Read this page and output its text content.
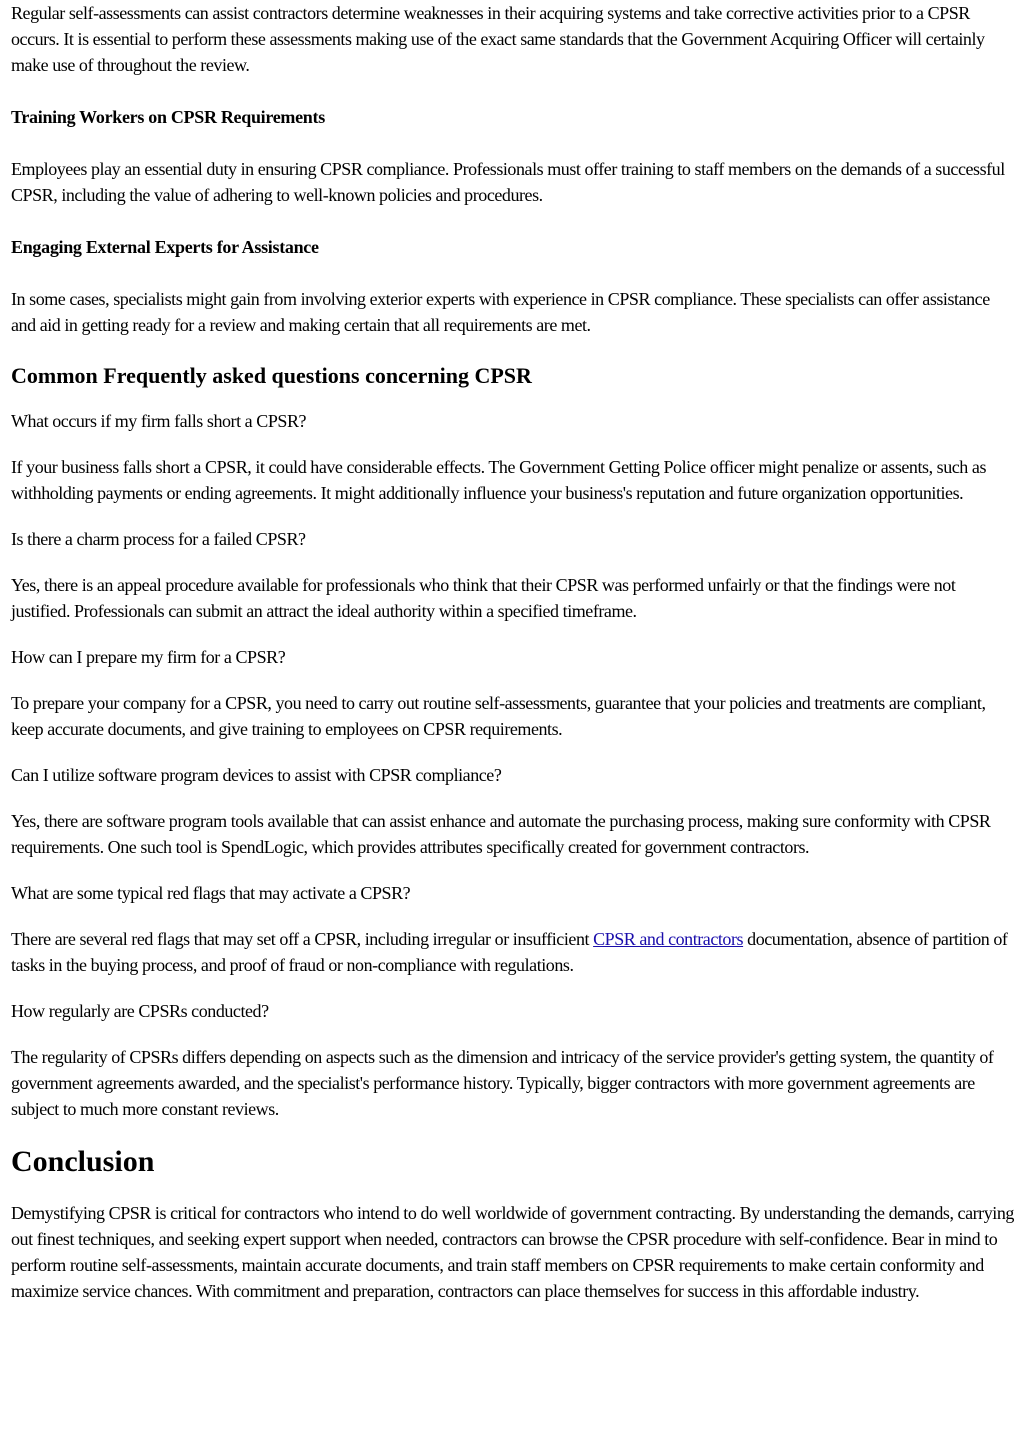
Regular self-assessments can assist contractors determine weaknesses in their acquiring systems and take corrective activities prior to a CPSR occurs. It is essential to perform these assessments making use of the exact same standards that the Government Acquiring Officer will certainly make use of throughout the review.

Training Workers on CPSR Requirements

Employees play an essential duty in ensuring CPSR compliance. Professionals must offer training to staff members on the demands of a successful CPSR, including the value of adhering to well-known policies and procedures.

Engaging External Experts for Assistance

In some cases, specialists might gain from involving exterior experts with experience in CPSR compliance. These specialists can offer assistance and aid in getting ready for a review and making certain that all requirements are met.

Common Frequently asked questions concerning CPSR

What occurs if my firm falls short a CPSR?

If your business falls short a CPSR, it could have considerable effects. The Government Getting Police officer might penalize or assents, such as withholding payments or ending agreements. It might additionally influence your business's reputation and future organization opportunities.

Is there a charm process for a failed CPSR?

Yes, there is an appeal procedure available for professionals who think that their CPSR was performed unfairly or that the findings were not justified. Professionals can submit an attract the ideal authority within a specified timeframe.

How can I prepare my firm for a CPSR?

To prepare your company for a CPSR, you need to carry out routine self-assessments, guarantee that your policies and treatments are compliant, keep accurate documents, and give training to employees on CPSR requirements.

Can I utilize software program devices to assist with CPSR compliance?

Yes, there are software program tools available that can assist enhance and automate the purchasing process, making sure conformity with CPSR requirements. One such tool is SpendLogic, which provides attributes specifically created for government contractors.

What are some typical red flags that may activate a CPSR?

There are several red flags that may set off a CPSR, including irregular or insufficient CPSR and contractors documentation, absence of partition of tasks in the buying process, and proof of fraud or non-compliance with regulations.

How regularly are CPSRs conducted?

The regularity of CPSRs differs depending on aspects such as the dimension and intricacy of the service provider's getting system, the quantity of government agreements awarded, and the specialist's performance history. Typically, bigger contractors with more government agreements are subject to much more constant reviews.

Conclusion

Demystifying CPSR is critical for contractors who intend to do well worldwide of government contracting. By understanding the demands, carrying out finest techniques, and seeking expert support when needed, contractors can browse the CPSR procedure with self-confidence. Bear in mind to perform routine self-assessments, maintain accurate documents, and train staff members on CPSR requirements to make certain conformity and maximize service chances. With commitment and preparation, contractors can place themselves for success in this affordable industry.
